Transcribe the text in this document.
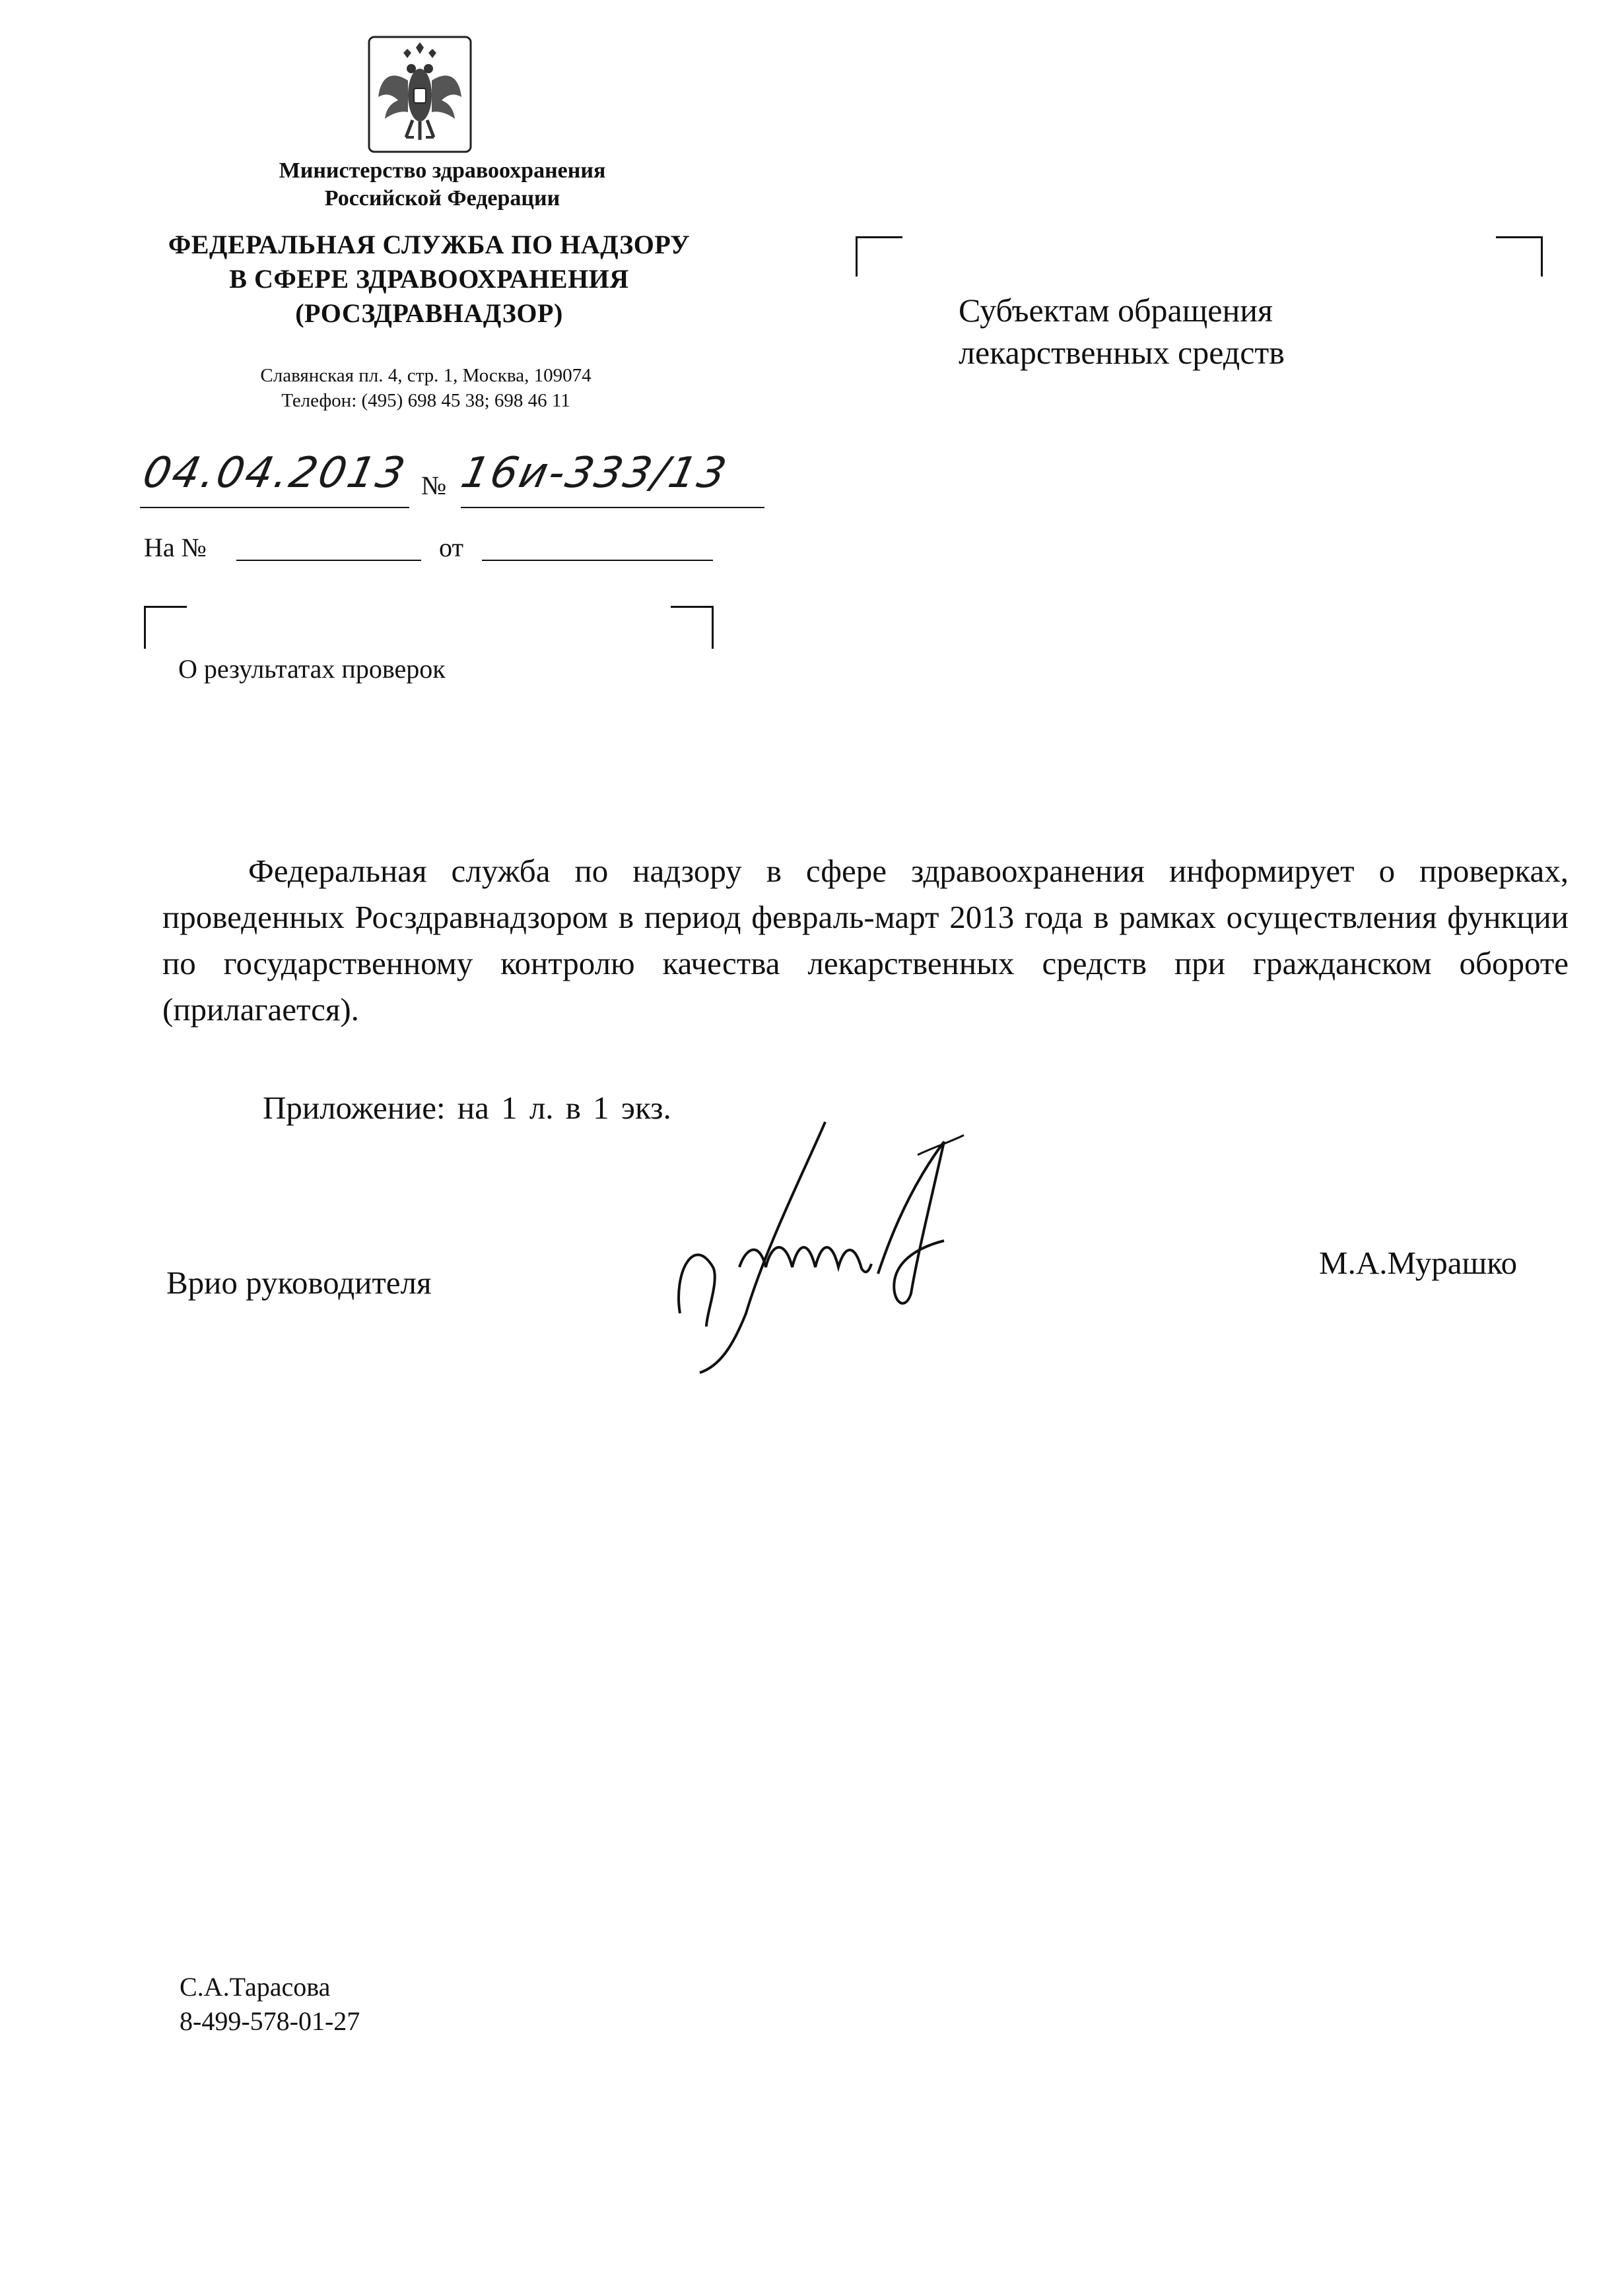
Министерство здравоохранения
Российской Федерации
ФЕДЕРАЛЬНАЯ СЛУЖБА ПО НАДЗОРУ
В СФЕРЕ ЗДРАВООХРАНЕНИЯ
(РОСЗДРАВНАДЗОР)
Славянская пл. 4, стр. 1, Москва, 109074
Телефон: (495) 698 45 38; 698 46 11
04.04.2013 № 16и-333/13
На №	от
Субъектам обращения
лекарственных средств
О результатах проверок
Федеральная служба по надзору в сфере здравоохранения информирует о проверках, проведенных Росздравнадзором в период февраль-март 2013 года в рамках осуществления функции по государственному контролю качества лекарственных средств при гражданском обороте (прилагается).
Приложение: на 1 л. в 1 экз.
Врио руководителя
М.А.Мурашко
С.А.Тарасова
8-499-578-01-27
